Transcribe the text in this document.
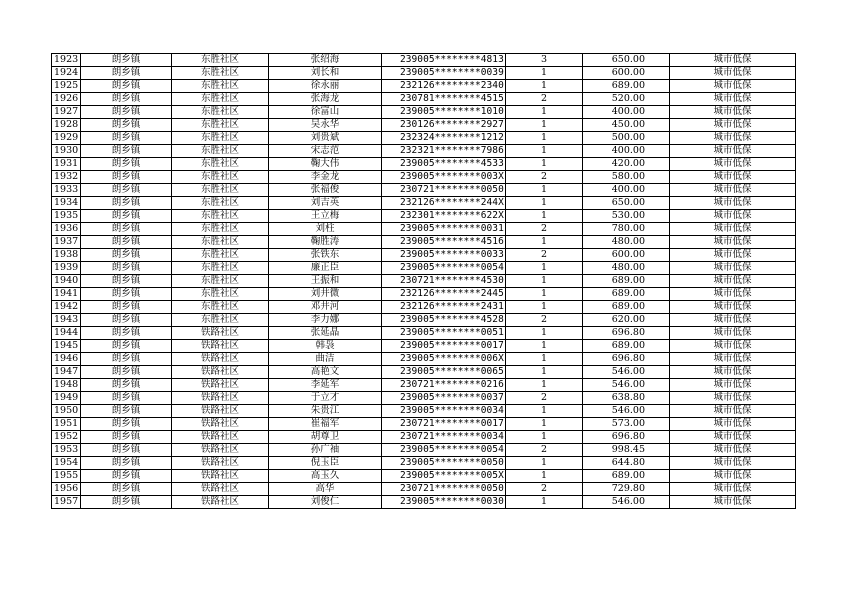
1923	朗乡镇	东胜社区	张绍海	239005********4813	3	650.00	城市低保
1924	朗乡镇	东胜社区	刘长和	239005********0039	1	600.00	城市低保
1925	朗乡镇	东胜社区	徐永丽	232126********2340	1	689.00	城市低保
1926	朗乡镇	东胜社区	张海龙	230781********4515	2	520.00	城市低保
1927	朗乡镇	东胜社区	徐富山	239005********1010	1	400.00	城市低保
1928	朗乡镇	东胜社区	吴永华	230126********2927	1	450.00	城市低保
1929	朗乡镇	东胜社区	刘贵斌	232324********1212	1	500.00	城市低保
1930	朗乡镇	东胜社区	宋志范	232321********7986	1	400.00	城市低保
1931	朗乡镇	东胜社区	鞠大伟	239005********4533	1	420.00	城市低保
1932	朗乡镇	东胜社区	李金龙	239005********003X	2	580.00	城市低保
1933	朗乡镇	东胜社区	张福俊	230721********0050	1	400.00	城市低保
1934	朗乡镇	东胜社区	刘吉英	232126********244X	1	650.00	城市低保
1935	朗乡镇	东胜社区	王立梅	232301********622X	1	530.00	城市低保
1936	朗乡镇	东胜社区	刘柱	239005********0031	2	780.00	城市低保
1937	朗乡镇	东胜社区	鞠胜涛	239005********4516	1	480.00	城市低保
1938	朗乡镇	东胜社区	张铁东	239005********0033	2	600.00	城市低保
1939	朗乡镇	东胜社区	廉正臣	239005********0054	1	480.00	城市低保
1940	朗乡镇	东胜社区	王振和	230721********4530	1	689.00	城市低保
1941	朗乡镇	东胜社区	刘井微	232126********2445	1	689.00	城市低保
1942	朗乡镇	东胜社区	邓井河	232126********2431	1	689.00	城市低保
1943	朗乡镇	东胜社区	李力娜	239005********4528	2	620.00	城市低保
1944	朗乡镇	铁路社区	张延晶	239005********0051	1	696.80	城市低保
1945	朗乡镇	铁路社区	韩袅	239005********0017	1	689.00	城市低保
1946	朗乡镇	铁路社区	曲洁	239005********006X	1	696.80	城市低保
1947	朗乡镇	铁路社区	高艳文	239005********0065	1	546.00	城市低保
1948	朗乡镇	铁路社区	李延军	230721********0216	1	546.00	城市低保
1949	朗乡镇	铁路社区	于立才	239005********0037	2	638.80	城市低保
1950	朗乡镇	铁路社区	朱贵江	239005********0034	1	546.00	城市低保
1951	朗乡镇	铁路社区	崔福军	230721********0017	1	573.00	城市低保
1952	朗乡镇	铁路社区	胡尊卫	230721********0034	1	696.80	城市低保
1953	朗乡镇	铁路社区	孙广袖	239005********0054	2	998.45	城市低保
1954	朗乡镇	铁路社区	倪玉臣	239005********0050	1	644.80	城市低保
1955	朗乡镇	铁路社区	高玉久	239005********005X	1	689.00	城市低保
1956	朗乡镇	铁路社区	高华	230721********0050	2	729.80	城市低保
1957	朗乡镇	铁路社区	刘俊仁	239005********0030	1	546.00	城市低保
